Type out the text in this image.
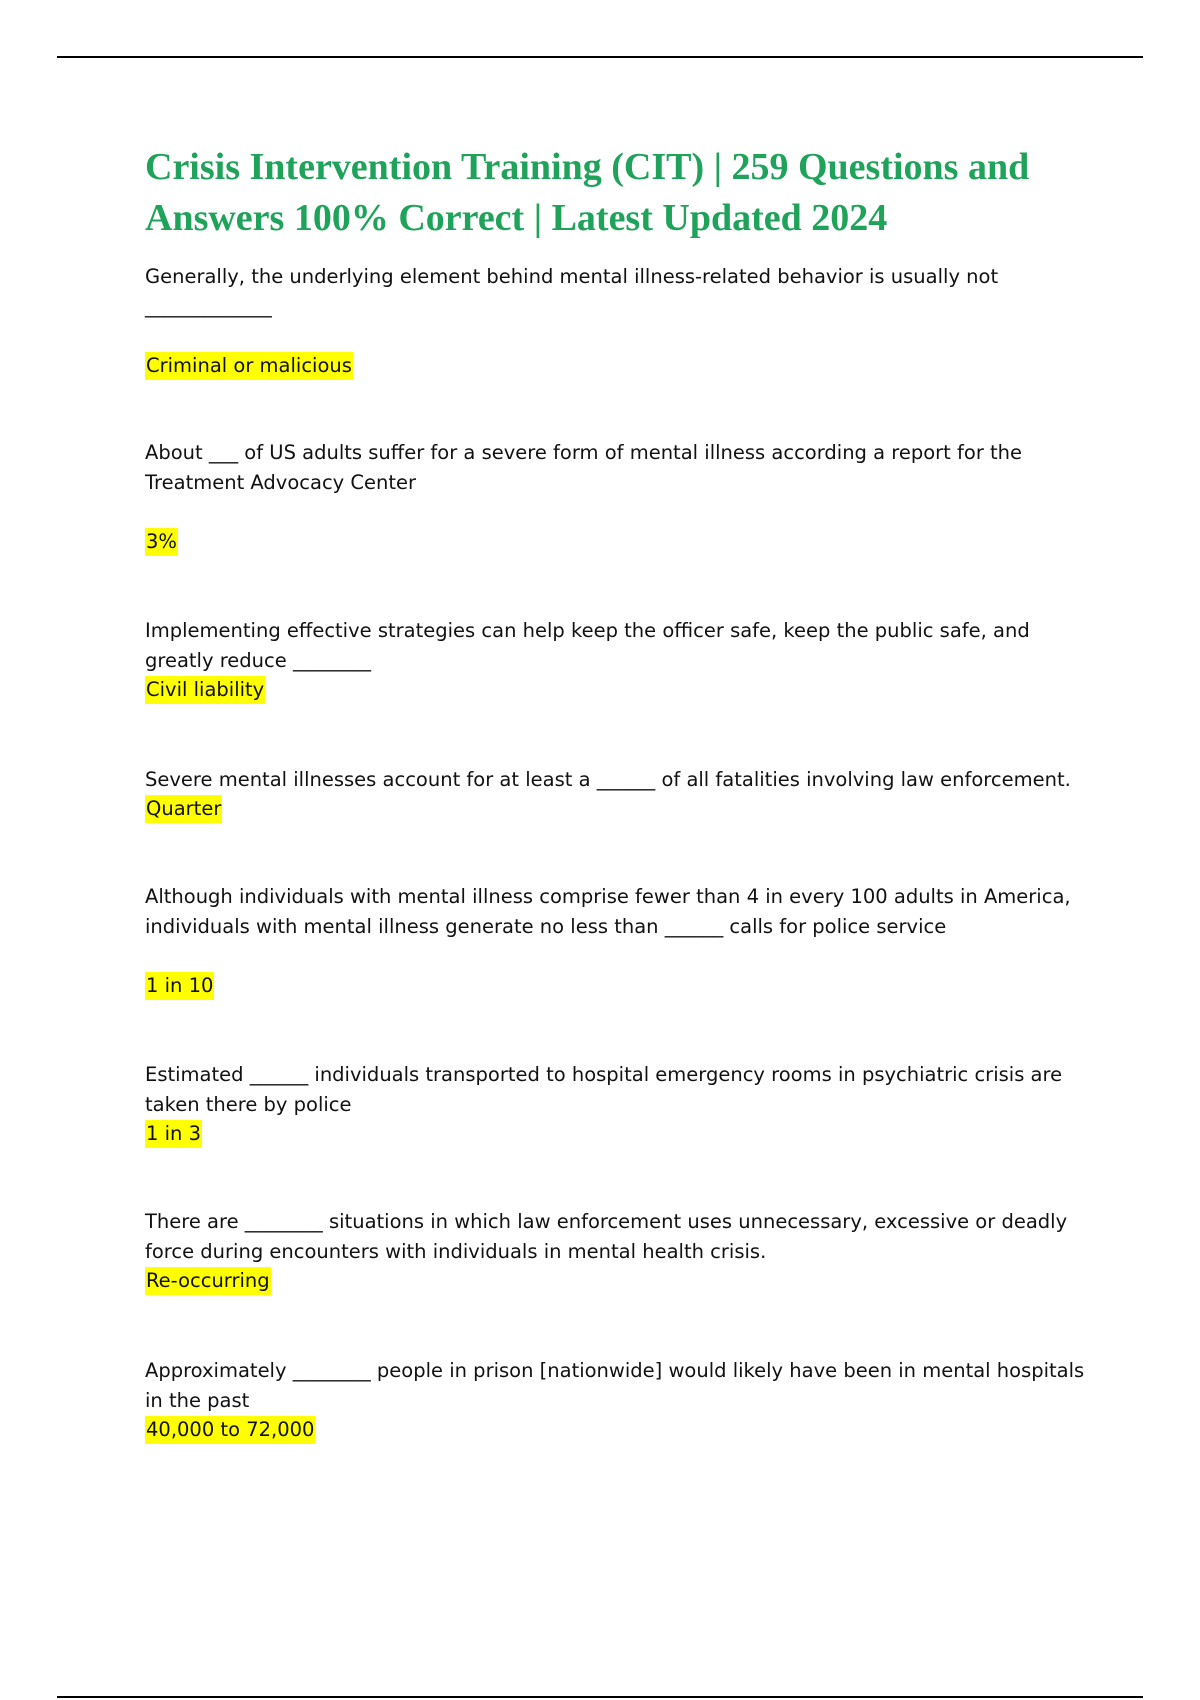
Crisis Intervention Training (CIT) | 259 Questions and Answers 100% Correct | Latest Updated 2024

Generally, the underlying element behind mental illness-related behavior is usually not _____________

Criminal or malicious

About ___ of US adults suffer for a severe form of mental illness according a report for the Treatment Advocacy Center

3%

Implementing effective strategies can help keep the officer safe, keep the public safe, and greatly reduce ________

Civil liability

Severe mental illnesses account for at least a ______ of all fatalities involving law enforcement.

Quarter

Although individuals with mental illness comprise fewer than 4 in every 100 adults in America, individuals with mental illness generate no less than ______ calls for police service

1 in 10

Estimated ______ individuals transported to hospital emergency rooms in psychiatric crisis are taken there by police

1 in 3

There are ________ situations in which law enforcement uses unnecessary, excessive or deadly force during encounters with individuals in mental health crisis.

Re-occurring

Approximately ________ people in prison [nationwide] would likely have been in mental hospitals in the past

40,000 to 72,000
